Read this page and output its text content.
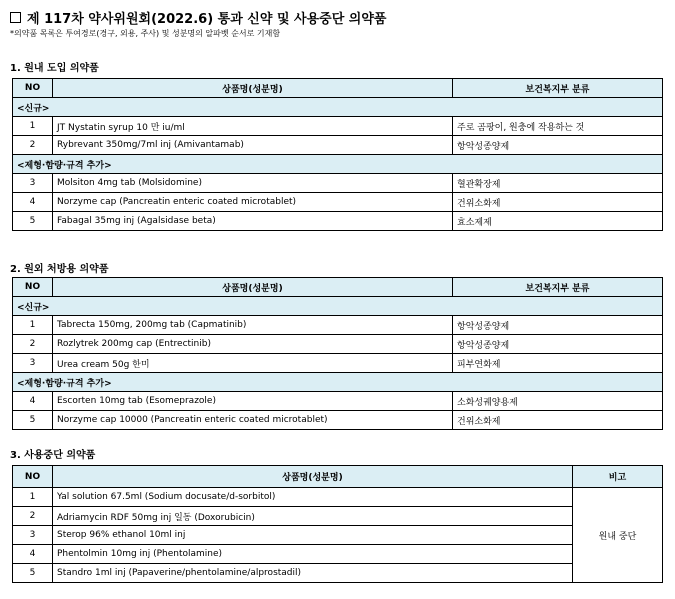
제 117차 약사위원회(2022.6) 통과 신약 및 사용중단 의약품
*의약품 목록은 투여경로(경구, 외용, 주사) 및 성분명의 알파벳 순서로 기재함
1. 원내 도입 의약품
NO	상품명(성분명)	보건복지부 분류
<신규>		
1	JT Nystatin syrup 10 만 iu/ml	주로 곰팡이, 원충에 작용하는 것
2	Rybrevant 350mg/7ml inj (Amivantamab)	항악성종양제
<제형·함량·규격 추가>		
3	Molsiton 4mg tab (Molsidomine)	혈관확장제
4	Norzyme cap (Pancreatin enteric coated microtablet)	건위소화제
5	Fabagal 35mg inj (Agalsidase beta)	효소제제
2. 원외 처방용 의약품
NO	상품명(성분명)	보건복지부 분류
<신규>		
1	Tabrecta 150mg, 200mg tab (Capmatinib)	항악성종양제
2	Rozlytrek 200mg cap (Entrectinib)	항악성종양제
3	Urea cream 50g 한미	피부연화제
<제형·함량·규격 추가>		
4	Escorten 10mg tab (Esomeprazole)	소화성궤양용제
5	Norzyme cap 10000 (Pancreatin enteric coated microtablet)	건위소화제
3. 사용중단 의약품
NO	상품명(성분명)	비고
1	Yal solution 67.5ml (Sodium docusate/d-sorbitol)	원내 중단
2	Adriamycin RDF 50mg inj 일동 (Doxorubicin)	
3	Sterop 96% ethanol 10ml inj	
4	Phentolmin 10mg inj (Phentolamine)	
5	Standro 1ml inj (Papaverine/phentolamine/alprostadil)	
